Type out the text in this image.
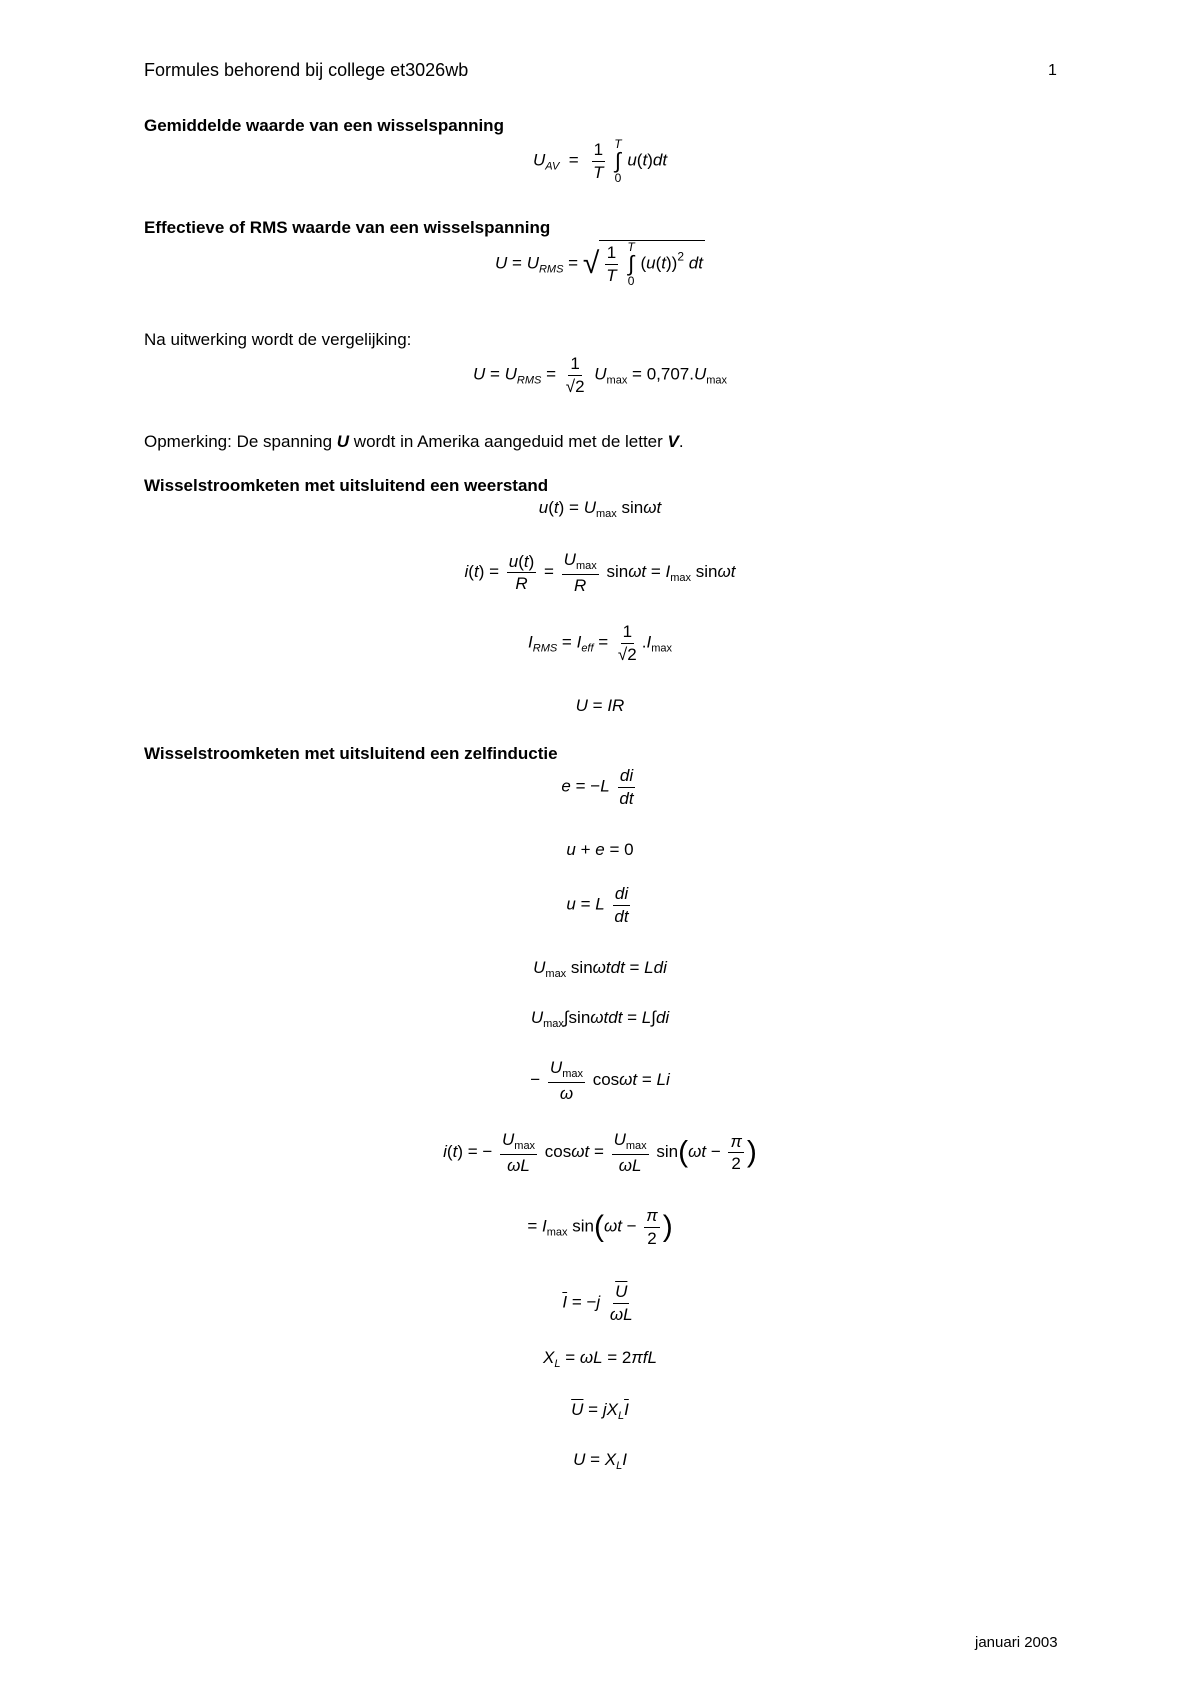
Formules behorend bij college et3026wb	1
Gemiddelde waarde van een wisselspanning
$U_{AV} = \frac{1}{T}$
T
∫
0
u(t)dt
Effectieve of RMS waarde van een wisselspanning
$U = U_{RMS}$ = √ $\frac{1}{T}$
T
∫
0
$(u(t))^2$ dt
Na uitwerking wordt de vergelijking:
$U = U_{RMS} = \frac{1}{√2} U_{max} = 0,707.U_{max}$
Opmerking: De spanning U wordt in Amerika aangeduid met de letter V.
Wisselstroomketen met uitsluitend een weerstand
$u(t) = U_{max}$ sinωt
$i(t) = \frac{u(t)}{R} = \frac{U_{max}}{R}$ $\sin\omega t = I_{max}$ sinωt
$I_{RMS} = I_{eff} = \frac{1}{√2} .I_{max}$
U = IR
Wisselstroomketen met uitsluitend een zelfinductie
$e = -L \frac{di}{dt}$
u + e = 0
u = L $\frac{di}{dt}$
$U_{max}$ sinωtdt = Ldi
$U_{max}\int\sin\omega tdt = L\int di$
− $\frac{U_{max}}{\omega}$ cosωt = Li
i(t) = − $\frac{U_{max}}{\omega L}$ $\cos\omega t = \frac{U_{max}}{\omega L} \sin(\omega t - \frac{\pi}{2}$ )
= $I_{max}$ $\sin(\omega t - \frac{\pi}{2}$ )
$\overline{I} = -j \frac{\overline{U}}{\omega L}$
$X_L = \omega L = 2\pi fL$
$\overline{U} = jX_L\overline{I}$
$U = X_LI$
januari 2003
